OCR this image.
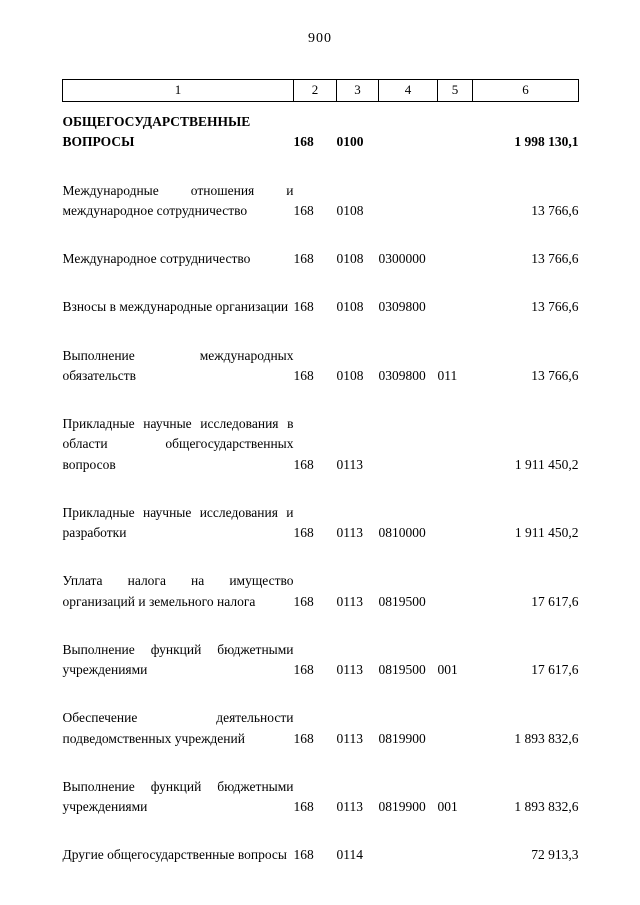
900
1	2	3	4	5	6
ОБЩЕГОСУДАРСТВЕННЫЕ ВОПРОСЫ	168	0100			1 998 130,1
Международные отношения и международное сотрудничество	168	0108			13 766,6
Международное сотрудничество	168	0108	0300000		13 766,6
Взносы в международные организации	168	0108	0309800		13 766,6
Выполнение международных обязательств	168	0108	0309800	011	13 766,6
Прикладные научные исследования в области общегосударственных вопросов	168	0113			1 911 450,2
Прикладные научные исследования и разработки	168	0113	0810000		1 911 450,2
Уплата налога на имущество организаций и земельного налога	168	0113	0819500		17 617,6
Выполнение функций бюджетными учреждениями	168	0113	0819500	001	17 617,6
Обеспечение деятельности подведомственных учреждений	168	0113	0819900		1 893 832,6
Выполнение функций бюджетными учреждениями	168	0113	0819900	001	1 893 832,6
Другие общегосударственные вопросы	168	0114			72 913,3
